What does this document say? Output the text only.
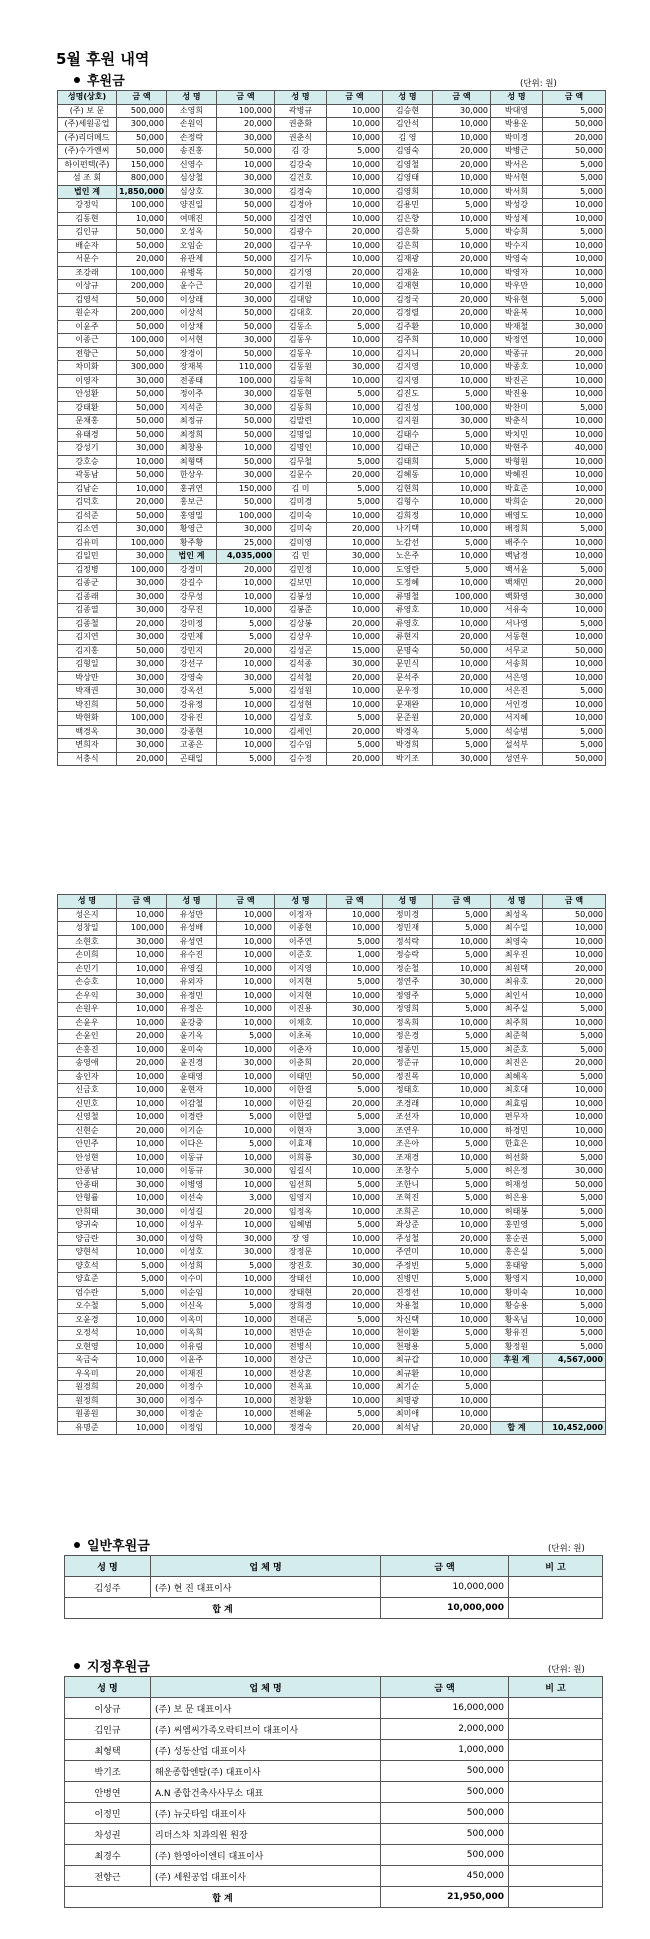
5월 후원 내역
후원금	(단위: 원)
성명(상호)	금 액	성 명	금 액	성 명	금 액	성 명	금 액	성 명	금 액
(주) 보 문	500,000	소영희	100,000	곽병규	10,000	김승현	30,000	박대영	5,000
(주)세원공업	300,000	손원익	20,000	권춘화	10,000	김안석	10,000	박용운	50,000
(주)리더메드	50,000	손정락	30,000	권춘식	10,000	김 영	10,000	박미경	20,000
(주)수가엔씨	50,000	송진홍	50,000	김 강	5,000	김영숙	20,000	박병근	50,000
하이펀텍(주)	150,000	신영수	10,000	김강숙	10,000	김영철	20,000	박서은	5,000
섬 조 회	800,000	심상철	30,000	김건호	10,000	김영태	10,000	박서현	5,000
법인 계	1,850,000	심상호	30,000	김경숙	10,000	김영희	10,000	박서희	5,000
강정익	100,000	양진일	50,000	김경아	10,000	김용민	5,000	박성강	10,000
김동현	10,000	여매진	50,000	김경연	10,000	김은향	10,000	박성제	10,000
김인규	50,000	오성옥	50,000	김광수	20,000	김은화	5,000	박승희	5,000
배순자	50,000	오임순	20,000	김구우	10,000	김은희	10,000	박수지	10,000
서문수	20,000	유관제	50,000	김기두	10,000	김재광	20,000	박영숙	10,000
조강래	100,000	유병목	50,000	김기영	20,000	김재윤	10,000	박영자	10,000
이상규	200,000	윤수근	20,000	김기원	10,000	김재현	10,000	박우만	10,000
김영석	50,000	이상래	30,000	김대암	10,000	김정국	20,000	박유현	5,000
원순자	200,000	이상석	50,000	김대호	20,000	김정렬	20,000	박윤복	10,000
이윤주	50,000	이상채	50,000	김동소	5,000	김주환	10,000	박재철	30,000
이종근	100,000	이서현	30,000	김동우	10,000	김주희	10,000	박정연	10,000
전향근	50,000	장경이	50,000	김동우	10,000	김지니	20,000	박종규	20,000
차미화	300,000	장재복	110,000	김동원	30,000	김지영	10,000	박종호	10,000
이영자	30,000	전종태	100,000	김동혁	10,000	김지영	10,000	박진곤	10,000
안성환	50,000	정이주	30,000	김동현	5,000	김진도	5,000	박진용	10,000
강태환	50,000	지석준	30,000	김동희	10,000	김진성	100,000	박찬미	5,000
문채홍	50,000	최정규	50,000	김말련	10,000	김지원	30,000	박춘식	10,000
유태경	50,000	최정희	50,000	김명일	10,000	김태수	5,000	박치민	10,000
강성기	30,000	최창용	10,000	김명인	10,000	김태근	10,000	박현주	40,000
강호승	10,000	최형택	50,000	김무철	5,000	김태희	5,000	박형원	10,000
곽동남	50,000	한상우	30,000	김문수	20,000	김혜동	10,000	박혜진	10,000
김남순	10,000	홍귀연	150,000	김 미	5,000	김현희	10,000	박효준	10,000
김덕호	20,000	홍보근	50,000	김미경	5,000	김형수	10,000	박희순	20,000
김석준	50,000	홍영밀	100,000	김미숙	10,000	김희정	10,000	배영도	10,000
김소연	30,000	황영근	30,000	김미숙	20,000	나기택	10,000	배정희	5,000
김유미	100,000	황주황	25,000	김미영	10,000	노감선	5,000	배주수	10,000
김일민	30,000	법인 계	4,035,000	김 민	30,000	노은주	10,000	백남경	10,000
김정병	100,000	강경미	20,000	김민정	10,000	도영란	5,000	백서윤	5,000
김종군	30,000	강길수	10,000	김보민	10,000	도정혜	10,000	백채민	20,000
김종래	30,000	강무성	10,000	김봉성	10,000	류명철	100,000	백화영	30,000
김종열	30,000	강무진	10,000	김봉준	10,000	류영호	10,000	서유숙	10,000
김종철	20,000	강미정	5,000	김상봉	20,000	류영호	10,000	서나영	5,000
김지연	30,000	강민제	5,000	김상우	10,000	류현지	20,000	서동현	10,000
김지홍	50,000	강민지	20,000	김성곤	15,000	문명숙	50,000	서무교	50,000
김형일	30,000	강선구	10,000	김석종	30,000	문민식	10,000	서송희	10,000
박상만	30,000	강영숙	30,000	김석철	20,000	문석주	20,000	서은영	10,000
박재권	30,000	강옥선	5,000	김성원	10,000	문우정	10,000	서은진	5,000
박진희	50,000	강유정	10,000	김성현	10,000	문재완	10,000	서인경	10,000
박현화	100,000	강유진	10,000	김성호	5,000	문준원	20,000	서지혜	10,000
백경옥	30,000	강종현	10,000	김세인	20,000	박경옥	5,000	석승범	5,000
변희자	30,000	고종은	10,000	김수임	5,000	박경희	5,000	설석부	5,000
서충식	20,000	곤태일	5,000	김수정	20,000	박기조	30,000	성연우	50,000
성 명	금 액	성 명	금 액	성 명	금 액	성 명	금 액	성 명	금 액
성은지	10,000	유성만	10,000	이정자	10,000	정미경	5,000	최성옥	50,000
성창일	100,000	유성배	10,000	이종현	10,000	정민재	5,000	최수일	10,000
소현호	30,000	유성연	10,000	이주연	5,000	정석락	10,000	최영숙	10,000
손미희	10,000	유수진	10,000	이준호	1,000	정승락	5,000	최우진	10,000
손민기	10,000	유영길	10,000	이지영	10,000	정순철	10,000	최원택	20,000
손승호	10,000	유외자	10,000	이지현	5,000	정연주	30,000	최유호	20,000
손우익	30,000	유정민	10,000	이지현	10,000	정영주	5,000	최인서	10,000
손원우	10,000	유정은	10,000	이진용	30,000	정영희	5,000	최주실	5,000
손윤우	10,000	윤강중	10,000	이채호	10,000	정옥희	10,000	최주희	10,000
손윤인	20,000	윤기옥	5,000	이초록	10,000	정은경	5,000	최준혁	5,000
손홍진	10,000	윤미숙	10,000	이춘자	10,000	정종민	15,000	최준호	5,000
송영애	20,000	윤진경	30,000	이춘희	20,000	정준규	10,000	최진은	20,000
송인자	10,000	윤태영	10,000	이태민	50,000	정진목	10,000	최혜옥	5,000
신금호	10,000	윤현자	10,000	이한결	5,000	정태호	10,000	최호대	10,000
신민호	10,000	이감철	10,000	이한길	20,000	조경래	10,000	최효림	10,000
신영철	10,000	이경란	5,000	이한열	5,000	조선자	10,000	편무자	10,000
신현순	20,000	이기순	10,000	이현자	3,000	조연우	10,000	하경민	10,000
안민주	10,000	이다은	5,000	이효재	10,000	조은아	5,000	한효은	10,000
안성현	10,000	이동규	10,000	이희룡	30,000	조재경	10,000	허선화	5,000
안종남	10,000	이동규	30,000	임길식	10,000	조창수	5,000	허은정	30,000
안종태	30,000	이병영	10,000	임선희	5,000	조한니	5,000	허재성	50,000
안형률	10,000	이선숙	3,000	임영지	10,000	조혁진	5,000	허은용	5,000
안희태	30,000	이성길	20,000	임정옥	10,000	조희곤	10,000	허태봉	5,000
양귀숙	10,000	이성우	10,000	임혜범	5,000	좌상준	10,000	홍민영	5,000
양금란	30,000	이성학	30,000	장 영	10,000	주성철	20,000	홍순권	5,000
양현석	10,000	이성호	30,000	장정문	10,000	주연미	10,000	홍은실	5,000
양호석	5,000	이성희	5,000	장진호	30,000	주정빈	5,000	홍태왕	5,000
양효준	5,000	이수미	10,000	장태선	10,000	진병민	5,000	황영지	10,000
엄수란	5,000	이순임	10,000	장태현	20,000	진정선	10,000	황미숙	10,000
오수철	5,000	이신옥	5,000	장희경	10,000	차용철	10,000	황승용	5,000
오윤경	10,000	이옥미	10,000	전대곤	5,000	차신택	10,000	황옥님	10,000
오정석	10,000	이옥희	10,000	전만순	10,000	천이환	5,000	황유진	5,000
오현영	10,000	이유림	10,000	전병식	10,000	천평용	5,000	황정원	5,000
옥금숙	10,000	이윤주	10,000	전상근	10,000	최규갑	10,000	후원 계	4,567,000
우옥미	20,000	이재진	10,000	전상혼	10,000	최규환	10,000		
원경희	20,000	이정수	10,000	전옥표	10,000	최기순	5,000		
원정희	30,000	이정수	10,000	전창환	10,000	최명광	10,000		
원종원	30,000	이정순	10,000	전해윤	5,000	최미애	10,000		
유명준	10,000	이정임	10,000	정경숙	20,000	최석남	20,000	합 계	10,452,000
일반후원금	(단위: 원)
성 명	업 체 명	금 액	비 고
김성주	(주) 현 진 대표이사	10,000,000	
합 계		10,000,000	
지정후원금	(단위: 원)
성 명	업 체 명	금 액	비 고
이상규	(주) 보 문 대표이사	16,000,000	
김인규	(주) 씨엠씨가족오락티브이 대표이사	2,000,000	
최형택	(주) 성동산업 대표이사	1,000,000	
박기조	해운종합엔탈(주) 대표이사	500,000	
안병연	A.N 종합건축사사무소 대표	500,000	
이정민	(주) 뉴굿타임 대표이사	500,000	
차성권	리더스차 치과의원 원장	500,000	
최경수	(주) 한영아이엔티 대표이사	500,000	
전향근	(주) 세원공업 대표이사	450,000	
합 계		21,950,000	
